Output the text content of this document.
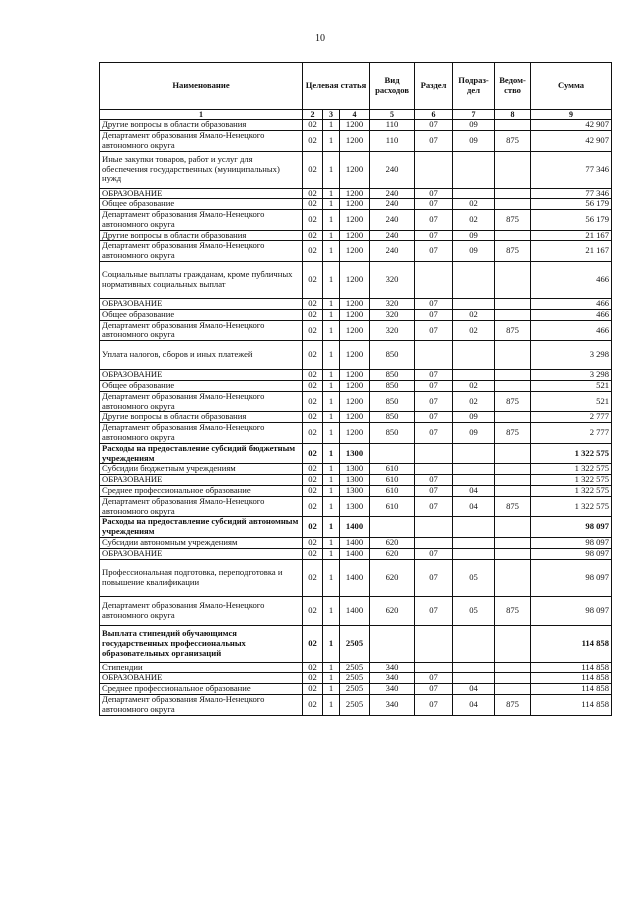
10
Наименование	Целевая статья			Вид расходов	Раздел	Подраз-дел	Ведом-ство	Сумма
1	2	3	4	5	6	7	8	9
Другие вопросы в области образования	02	1	1200	110	07	09		42 907
Департамент образования Ямало-Ненецкого автономного округа	02	1	1200	110	07	09	875	42 907
Иные закупки товаров, работ и услуг для обеспечения государственных (муниципальных) нужд	02	1	1200	240				77 346
ОБРАЗОВАНИЕ	02	1	1200	240	07			77 346
Общее образование	02	1	1200	240	07	02		56 179
Департамент образования Ямало-Ненецкого автономного округа	02	1	1200	240	07	02	875	56 179
Другие вопросы в области образования	02	1	1200	240	07	09		21 167
Департамент образования Ямало-Ненецкого автономного округа	02	1	1200	240	07	09	875	21 167
Социальные выплаты гражданам, кроме публичных нормативных социальных выплат	02	1	1200	320				466
ОБРАЗОВАНИЕ	02	1	1200	320	07			466
Общее образование	02	1	1200	320	07	02		466
Департамент образования Ямало-Ненецкого автономного округа	02	1	1200	320	07	02	875	466
Уплата налогов, сборов и иных платежей	02	1	1200	850				3 298
ОБРАЗОВАНИЕ	02	1	1200	850	07			3 298
Общее образование	02	1	1200	850	07	02		521
Департамент образования Ямало-Ненецкого автономного округа	02	1	1200	850	07	02	875	521
Другие вопросы в области образования	02	1	1200	850	07	09		2 777
Департамент образования Ямало-Ненецкого автономного округа	02	1	1200	850	07	09	875	2 777
Расходы на предоставление субсидий бюджетным учреждениям	02	1	1300					1 322 575
Субсидии бюджетным учреждениям	02	1	1300	610				1 322 575
ОБРАЗОВАНИЕ	02	1	1300	610	07			1 322 575
Среднее профессиональное образование	02	1	1300	610	07	04		1 322 575
Департамент образования Ямало-Ненецкого автономного округа	02	1	1300	610	07	04	875	1 322 575
Расходы на предоставление субсидий автономным учреждениям	02	1	1400					98 097
Субсидии автономным учреждениям	02	1	1400	620				98 097
ОБРАЗОВАНИЕ	02	1	1400	620	07			98 097
Профессиональная подготовка, переподготовка и повышение квалификации	02	1	1400	620	07	05		98 097
Департамент образования Ямало-Ненецкого автономного округа	02	1	1400	620	07	05	875	98 097
Выплата стипендий обучающимся государственных профессиональных образовательных организаций	02	1	2505					114 858
Стипендии	02	1	2505	340				114 858
ОБРАЗОВАНИЕ	02	1	2505	340	07			114 858
Среднее профессиональное образование	02	1	2505	340	07	04		114 858
Департамент образования Ямало-Ненецкого автономного округа	02	1	2505	340	07	04	875	114 858
